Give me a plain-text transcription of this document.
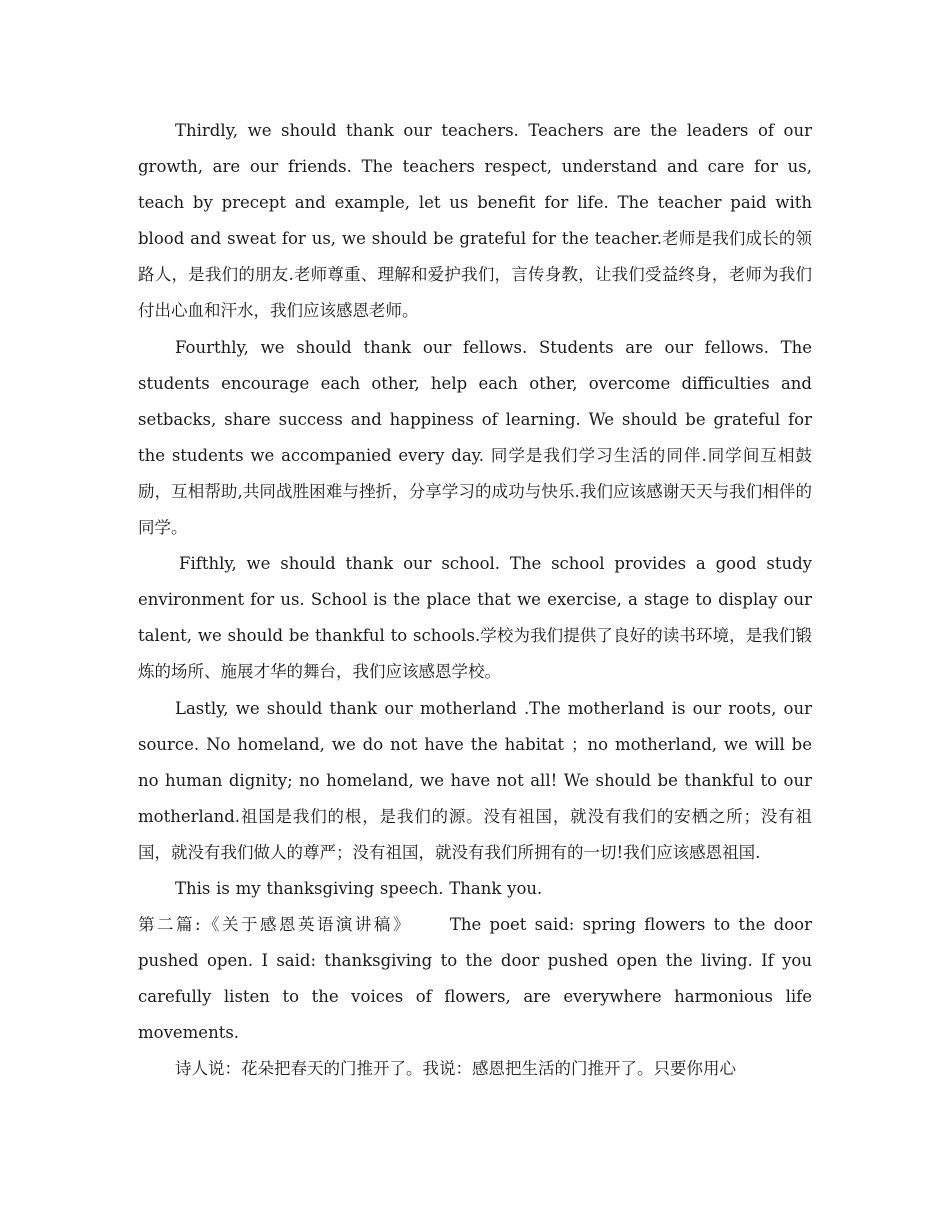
Thirdly, we should thank our teachers. Teachers are the leaders of our growth, are our friends. The teachers respect, understand and care for us, teach by precept and example, let us benefit for life. The teacher paid with blood and sweat for us, we should be grateful for the teacher.老师是我们成长的领路人，是我们的朋友.老师尊重、理解和爱护我们，言传身教，让我们受益终身，老师为我们付出心血和汗水，我们应该感恩老师。

Fourthly, we should thank our fellows. Students are our fellows. The students encourage each other, help each other, overcome difficulties and setbacks, share success and happiness of learning. We should be grateful for the students we accompanied every day. 同学是我们学习生活的同伴.同学间互相鼓励，互相帮助,共同战胜困难与挫折，分享学习的成功与快乐.我们应该感谢天天与我们相伴的同学。

Fifthly, we should thank our school. The school provides a good study environment for us. School is the place that we exercise, a stage to display our talent, we should be thankful to schools.学校为我们提供了良好的读书环境，是我们锻炼的场所、施展才华的舞台，我们应该感恩学校。

Lastly, we should thank our motherland .The motherland is our roots, our source. No homeland, we do not have the habitat ；no motherland, we will be no human dignity; no homeland, we have not all! We should be thankful to our motherland.祖国是我们的根，是我们的源。没有祖国，就没有我们的安栖之所；没有祖国，就没有我们做人的尊严；没有祖国，就没有我们所拥有的一切!我们应该感恩祖国.

This is my thanksgiving speech. Thank you.

第二篇:《关于感恩英语演讲稿》 The poet said: spring flowers to the door pushed open. I said: thanksgiving to the door pushed open the living. If you carefully listen to the voices of flowers, are everywhere harmonious life movements.

诗人说：花朵把春天的门推开了。我说：感恩把生活的门推开了。只要你用心
